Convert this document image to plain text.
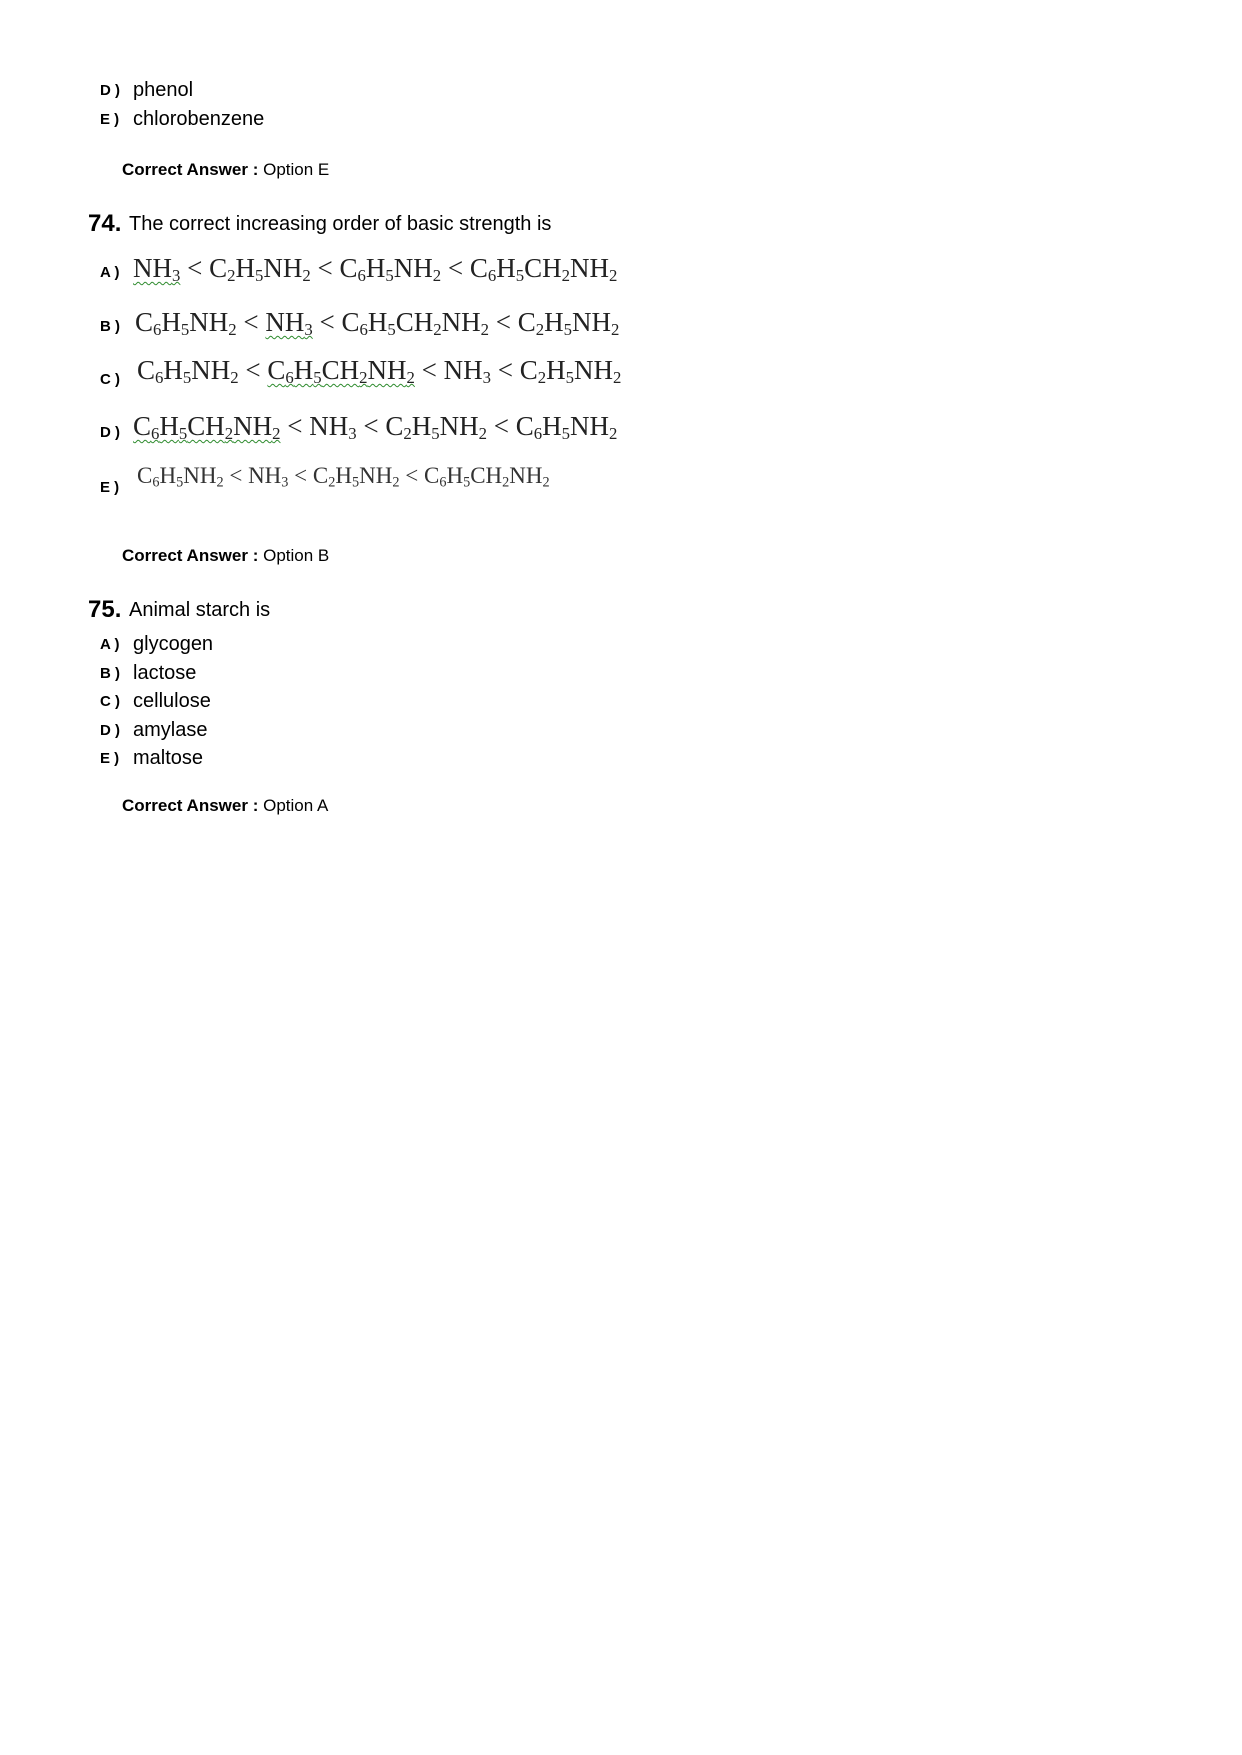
D ) phenol
E ) chlorobenzene
Correct Answer : Option E
74. The correct increasing order of basic strength is
A ) $NH_3 < C_2H_5NH_2 < C_6H_5NH_2 < C_6H_5CH_2NH_2$
B ) $C_6H_5NH_2 < NH_3 < C_6H_5CH_2NH_2 < C_2H_5NH_2$
C ) $C_6H_5NH_2 < C_6H_5CH_2NH_2 < NH_3 < C_2H_5NH_2$
D ) $C_6H_5CH_2NH_2 < NH_3 < C_2H_5NH_2 < C_6H_5NH_2$
E ) $C_6H_5NH_2 < NH_3 < C_2H_5NH_2 < C_6H_5CH_2NH_2$
Correct Answer : Option B
75. Animal starch is
A ) glycogen
B ) lactose
C ) cellulose
D ) amylase
E ) maltose
Correct Answer : Option A
